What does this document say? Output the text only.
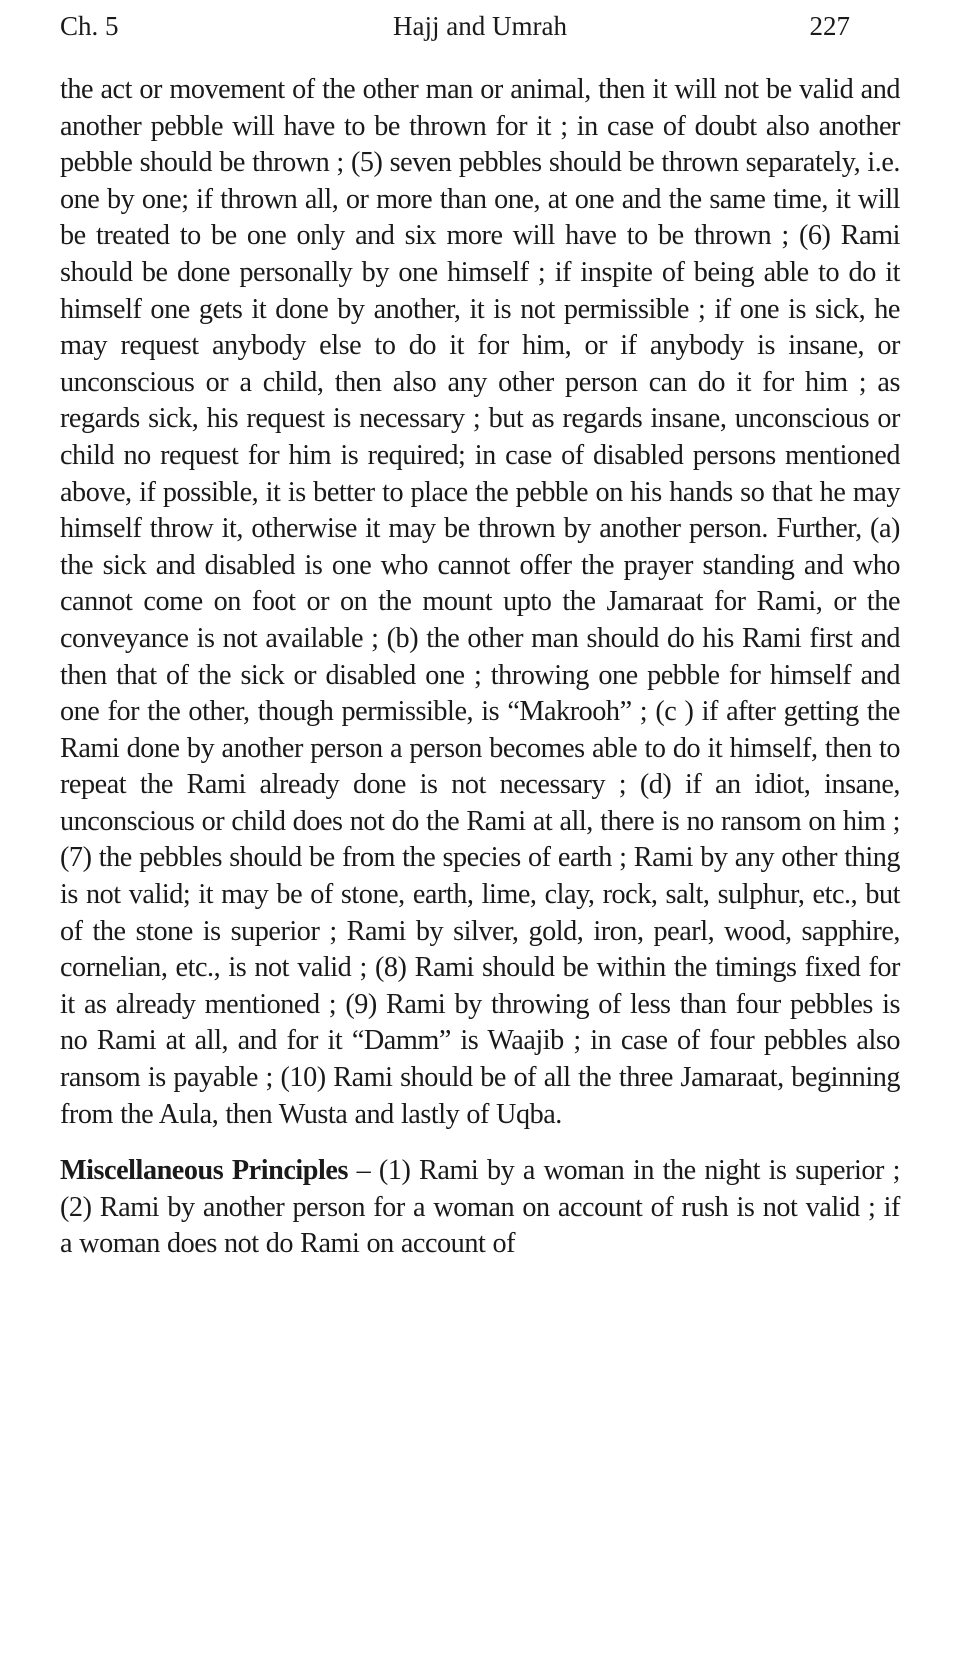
Ch. 5	Hajj and Umrah	227

the act or movement of the other man or animal, then it will not be valid and another pebble will have to be thrown for it ; in case of doubt also another pebble should be thrown ; (5) seven pebbles should be thrown separately, i.e. one by one; if thrown all, or more than one, at one and the same time, it will be treated to be one only and six more will have to be thrown ; (6) Rami should be done personally by one himself ; if inspite of being able to do it himself one gets it done by another, it is not permissible ; if one is sick, he may request anybody else to do it for him, or if anybody is insane, or unconscious or a child, then also any other person can do it for him ; as regards sick, his request is necessary ; but as regards insane, unconscious or child no request for him is required; in case of disabled persons mentioned above, if possible, it is better to place the pebble on his hands so that he may himself throw it, otherwise it may be thrown by another person. Further, (a) the sick and disabled is one who cannot offer the prayer standing and who cannot come on foot or on the mount upto the Jamaraat for Rami, or the conveyance is not available ; (b) the other man should do his Rami first and then that of the sick or disabled one ; throwing one pebble for himself and one for the other, though permissible, is “Makrooh” ; (c ) if after getting the Rami done by another person a person becomes able to do it himself, then to repeat the Rami already done is not necessary ; (d) if an idiot, insane, unconscious or child does not do the Rami at all, there is no ransom on him ; (7) the pebbles should be from the species of earth ; Rami by any other thing is not valid; it may be of stone, earth, lime, clay, rock, salt, sulphur, etc., but of the stone is superior ; Rami by silver, gold, iron, pearl, wood, sapphire, cornelian, etc., is not valid ; (8) Rami should be within the timings fixed for it as already mentioned ; (9) Rami by throwing of less than four pebbles is no Rami at all, and for it “Damm” is Waajib ; in case of four pebbles also ransom is payable ; (10) Rami should be of all the three Jamaraat, beginning from the Aula, then Wusta and lastly of Uqba.

Miscellaneous Principles – (1) Rami by a woman in the night is superior ; (2) Rami by another person for a woman on account of rush is not valid ; if a woman does not do Rami on account of
